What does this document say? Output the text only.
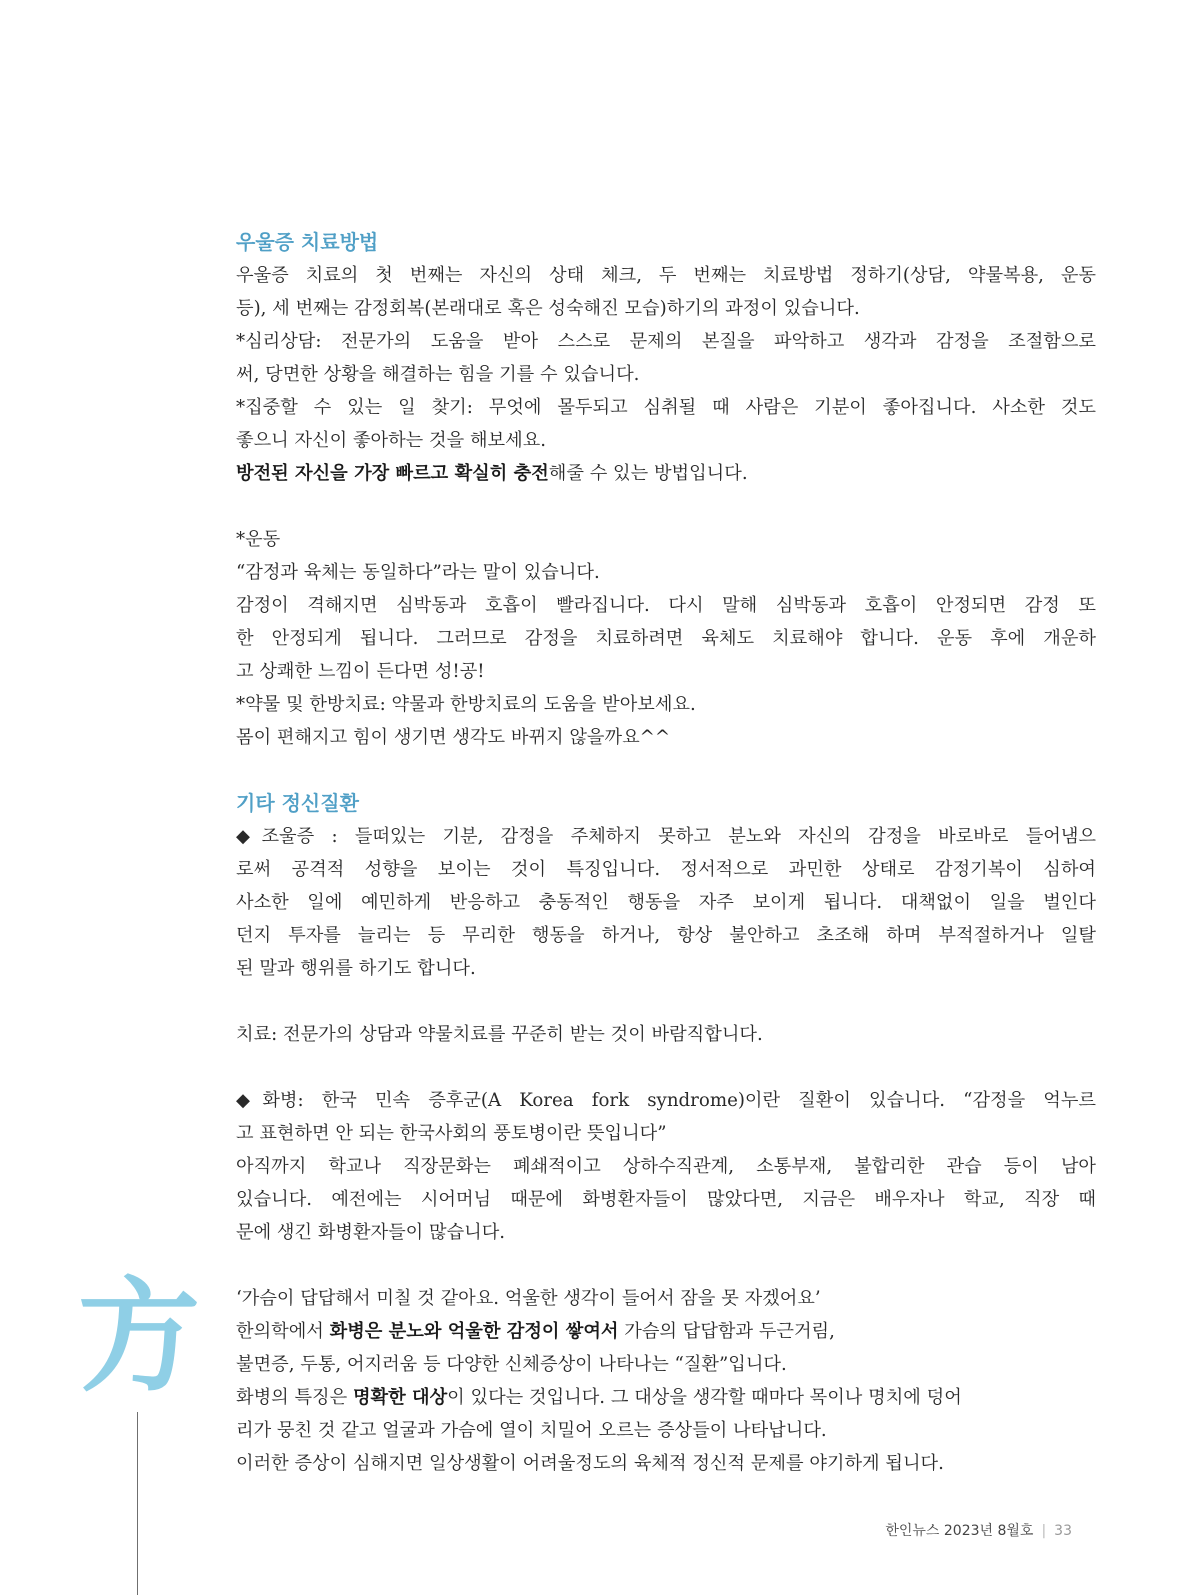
우울증 치료방법
우울증 치료의 첫 번째는 자신의 상태 체크, 두 번째는 치료방법 정하기(상담, 약물복용, 운동
등), 세 번째는 감정회복(본래대로 혹은 성숙해진 모습)하기의 과정이 있습니다.
*심리상담: 전문가의 도움을 받아 스스로 문제의 본질을 파악하고 생각과 감정을 조절함으로
써, 당면한 상황을 해결하는 힘을 기를 수 있습니다.
*집중할 수 있는 일 찾기: 무엇에 몰두되고 심취될 때 사람은 기분이 좋아집니다. 사소한 것도
좋으니 자신이 좋아하는 것을 해보세요.
방전된 자신을 가장 빠르고 확실히 충전해줄 수 있는 방법입니다.
*운동
“감정과 육체는 동일하다”라는 말이 있습니다.
감정이 격해지면 심박동과 호흡이 빨라집니다. 다시 말해 심박동과 호흡이 안정되면 감정 또
한 안정되게 됩니다. 그러므로 감정을 치료하려면 육체도 치료해야 합니다. 운동 후에 개운하
고 상쾌한 느낌이 든다면 성!공!
*약물 및 한방치료: 약물과 한방치료의 도움을 받아보세요.
몸이 편해지고 힘이 생기면 생각도 바뀌지 않을까요^^
기타 정신질환
◆조울증 : 들떠있는 기분, 감정을 주체하지 못하고 분노와 자신의 감정을 바로바로 들어냄으
로써 공격적 성향을 보이는 것이 특징입니다. 정서적으로 과민한 상태로 감정기복이 심하여
사소한 일에 예민하게 반응하고 충동적인 행동을 자주 보이게 됩니다. 대책없이 일을 벌인다
던지 투자를 늘리는 등 무리한 행동을 하거나, 항상 불안하고 초조해 하며 부적절하거나 일탈
된 말과 행위를 하기도 합니다.
치료: 전문가의 상담과 약물치료를 꾸준히 받는 것이 바람직합니다.
◆화병: 한국 민속 증후군(A Korea fork syndrome)이란 질환이 있습니다. “감정을 억누르
고 표현하면 안 되는 한국사회의 풍토병이란 뜻입니다”
아직까지 학교나 직장문화는 폐쇄적이고 상하수직관계, 소통부재, 불합리한 관습 등이 남아
있습니다. 예전에는 시어머님 때문에 화병환자들이 많았다면, 지금은 배우자나 학교, 직장 때
문에 생긴 화병환자들이 많습니다.
‘가슴이 답답해서 미칠 것 같아요. 억울한 생각이 들어서 잠을 못 자겠어요’
한의학에서 화병은 분노와 억울한 감정이 쌓여서 가슴의 답답함과 두근거림,
불면증, 두통, 어지러움 등 다양한 신체증상이 나타나는 “질환”입니다.
화병의 특징은 명확한 대상이 있다는 것입니다. 그 대상을 생각할 때마다 목이나 명치에 덩어
리가 뭉친 것 같고 얼굴과 가슴에 열이 치밀어 오르는 증상들이 나타납니다.
이러한 증상이 심해지면 일상생활이 어려울정도의 육체적 정신적 문제를 야기하게 됩니다.
方
한인뉴스 2023년 8월호 | 33
